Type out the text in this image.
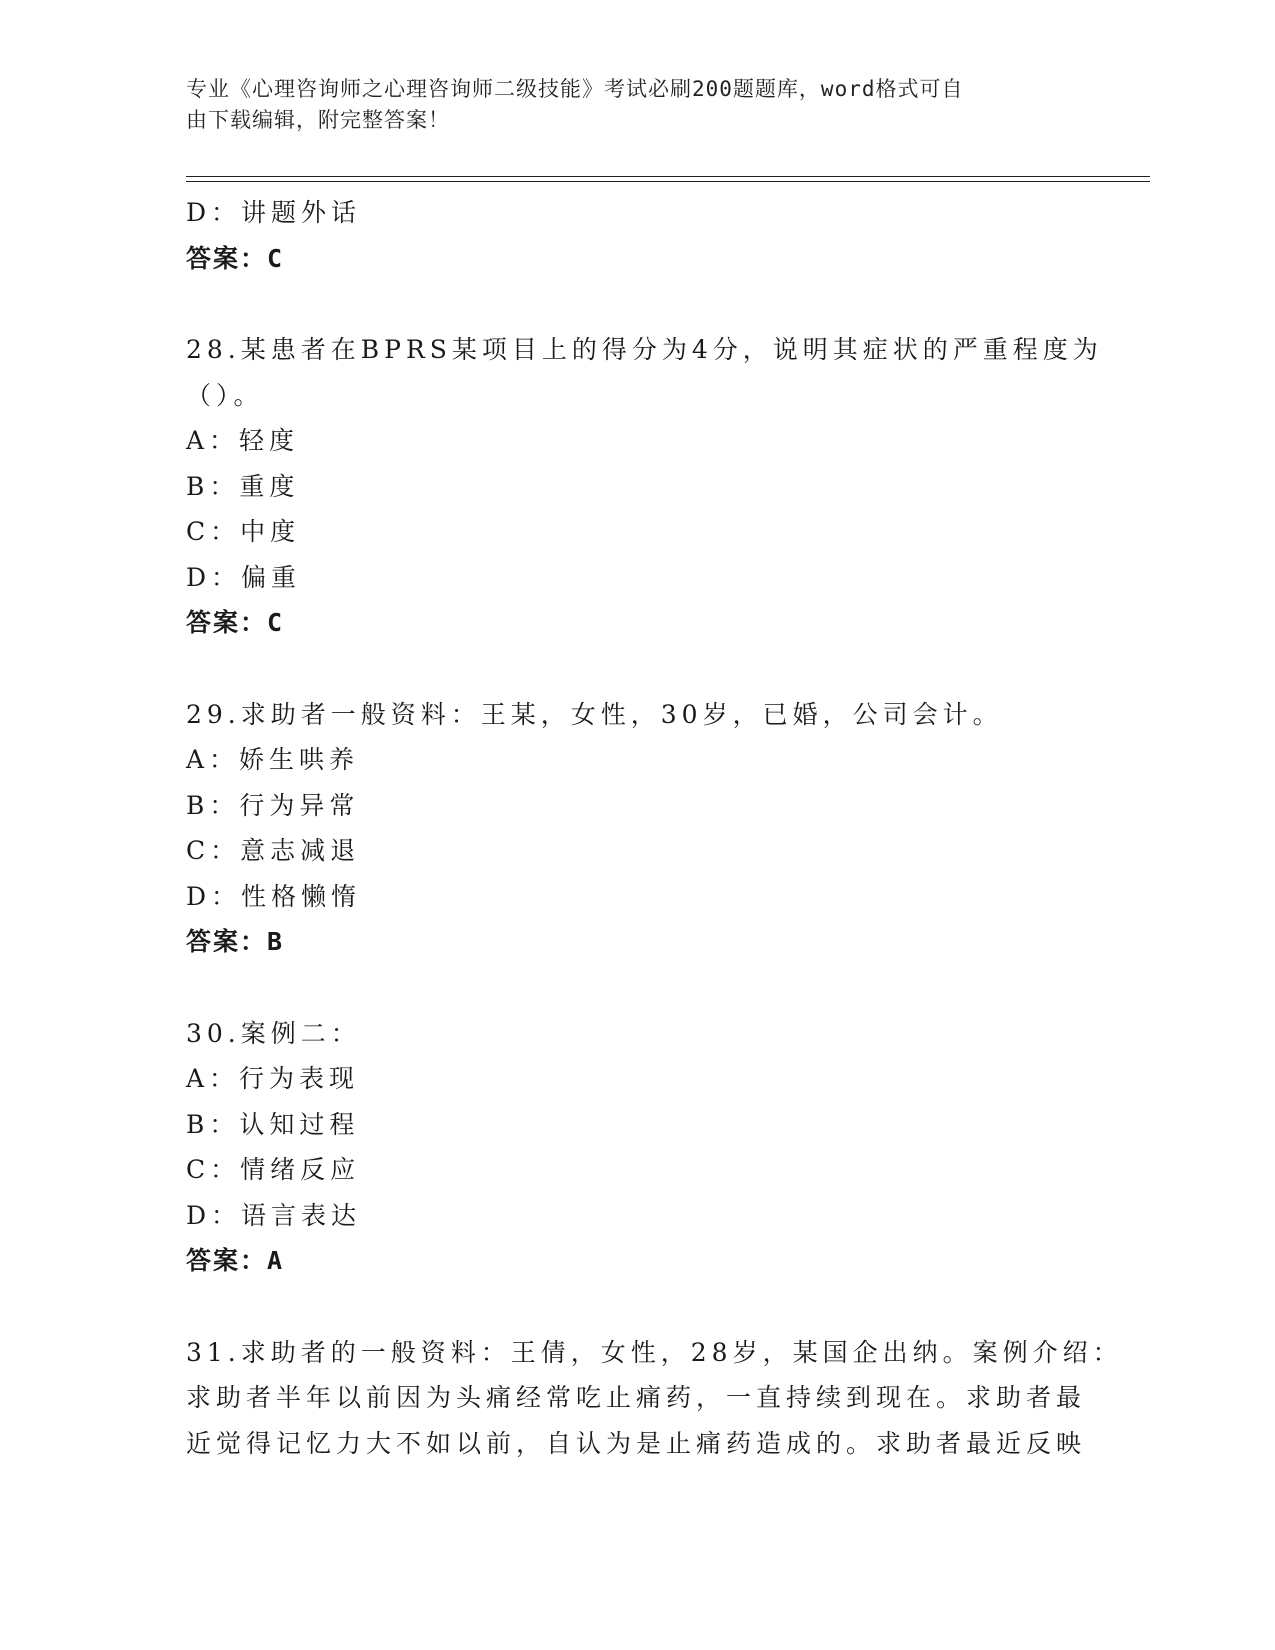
专业《心理咨询师之心理咨询师二级技能》考试必刷200题题库，word格式可自
由下载编辑，附完整答案！
D：讲题外话
答案：C
28.某患者在BPRS某项目上的得分为4分，说明其症状的严重程度为
（）。
A：轻度
B：重度
C：中度
D：偏重
答案：C
29.求助者一般资料：王某，女性，30岁，已婚，公司会计。
A：娇生哄养
B：行为异常
C：意志减退
D：性格懒惰
答案：B
30.案例二：
A：行为表现
B：认知过程
C：情绪反应
D：语言表达
答案：A
31.求助者的一般资料：王倩，女性，28岁，某国企出纳。案例介绍：
求助者半年以前因为头痛经常吃止痛药，一直持续到现在。求助者最
近觉得记忆力大不如以前，自认为是止痛药造成的。求助者最近反映
